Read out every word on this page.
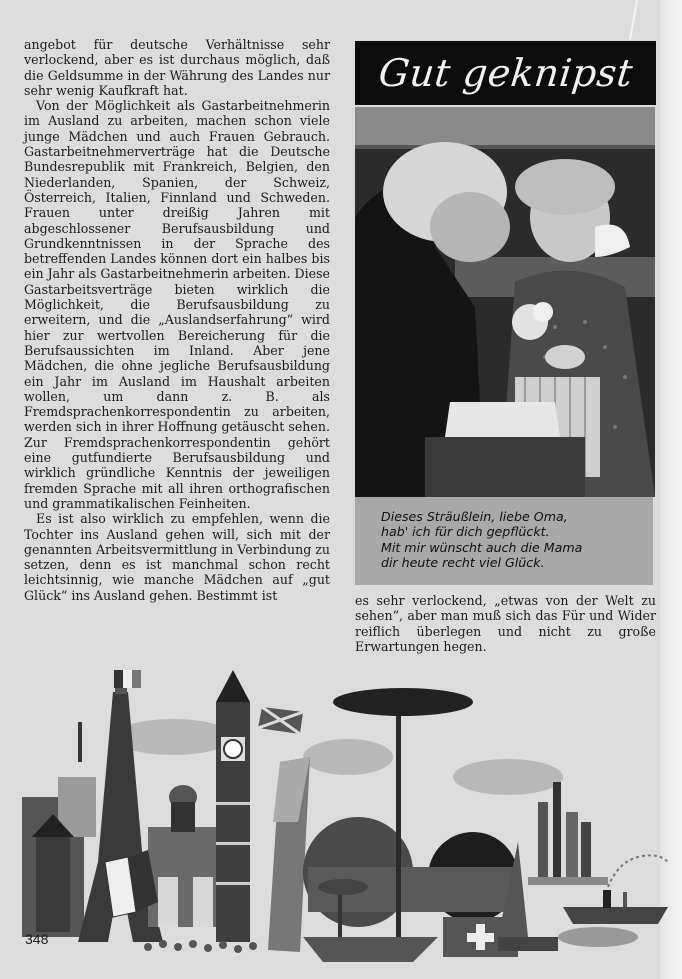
angebot für deutsche Verhältnisse sehr verlockend, aber es ist durchaus möglich, daß die Geldsumme in der Währung des Landes nur sehr wenig Kaufkraft hat.

Von der Möglichkeit als Gastarbeitnehmerin im Ausland zu arbeiten, machen schon viele junge Mädchen und auch Frauen Gebrauch. Gastarbeitnehmerverträge hat die Deutsche Bundesrepublik mit Frankreich, Belgien, den Niederlanden, Spanien, der Schweiz, Österreich, Italien, Finnland und Schweden. Frauen unter dreißig Jahren mit abgeschlossener Berufsausbildung und Grundkenntnissen in der Sprache des betreffenden Landes können dort ein halbes bis ein Jahr als Gastarbeitnehmerin arbeiten. Diese Gastarbeitsverträge bieten wirklich die Möglichkeit, die Berufsausbildung zu erweitern, und die „Auslandserfahrung“ wird hier zur wertvollen Bereicherung für die Berufsaussichten im Inland. Aber jene Mädchen, die ohne jegliche Berufsausbildung ein Jahr im Ausland im Haushalt arbeiten wollen, um dann z. B. als Fremdsprachenkorrespondentin zu arbeiten, werden sich in ihrer Hoffnung getäuscht sehen. Zur Fremdsprachenkorrespondentin gehört eine gutfundierte Berufsausbildung und wirklich gründliche Kenntnis der jeweiligen fremden Sprache mit all ihren orthografischen und grammatikalischen Feinheiten.

Es ist also wirklich zu empfehlen, wenn die Tochter ins Ausland gehen will, sich mit der genannten Arbeitsvermittlung in Verbindung zu setzen, denn es ist manchmal schon recht leichtsinnig, wie manche Mädchen auf „gut Glück“ ins Ausland gehen. Bestimmt ist

Gut geknipst
Dieses Sträußlein, liebe Oma,
hab' ich für dich gepflückt.
Mit mir wünscht auch die Mama
dir heute recht viel Glück.

es sehr verlockend, „etwas von der Welt zu sehen“, aber man muß sich das Für und Wider reiflich überlegen und nicht zu große Erwartungen hegen.

348
